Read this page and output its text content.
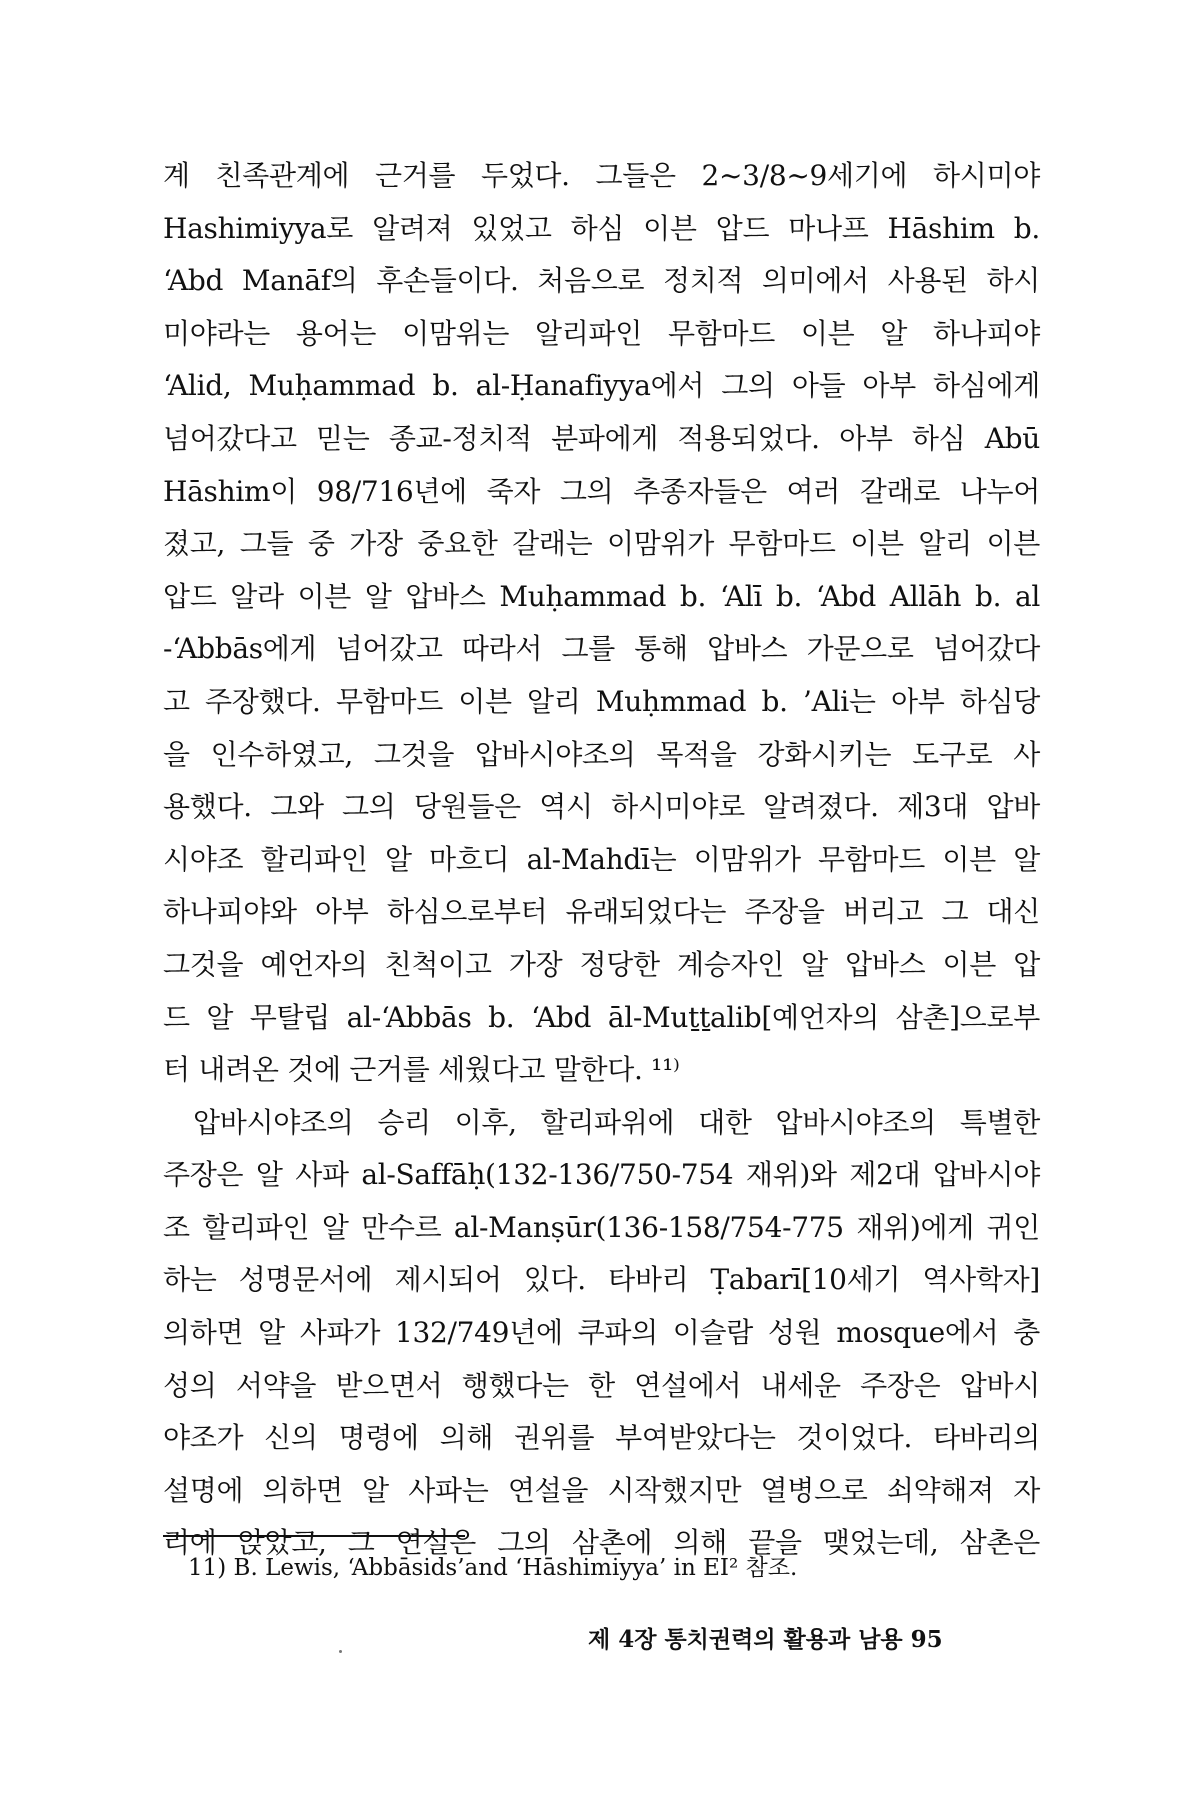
계 친족관계에 근거를 두었다. 그들은 2~3/8~9세기에 하시미야
Hashimiyya로 알려져 있었고 하심 이븐 압드 마나프 Hāshim b.
‘Abd Manāf의 후손들이다. 처음으로 정치적 의미에서 사용된 하시
미야라는 용어는 이맘위는 알리파인 무함마드 이븐 알 하나피야
‘Alid, Muḥammad b. al-Ḥanafiyya에서 그의 아들 아부 하심에게
넘어갔다고 믿는 종교-정치적 분파에게 적용되었다. 아부 하심 Abū
Hāshim이 98/716년에 죽자 그의 추종자들은 여러 갈래로 나누어
졌고, 그들 중 가장 중요한 갈래는 이맘위가 무함마드 이븐 알리 이븐
압드 알라 이븐 알 압바스 Muḥammad b. ‘Alī b. ‘Abd Allāh b. al
-‘Abbās에게 넘어갔고 따라서 그를 통해 압바스 가문으로 넘어갔다
고 주장했다. 무함마드 이븐 알리 Muḥmmad b. ’Ali는 아부 하심당
을 인수하였고, 그것을 압바시야조의 목적을 강화시키는 도구로 사
용했다. 그와 그의 당원들은 역시 하시미야로 알려졌다. 제3대 압바
시야조 할리파인 알 마흐디 al-Mahdī는 이맘위가 무함마드 이븐 알
하나피야와 아부 하심으로부터 유래되었다는 주장을 버리고 그 대신
그것을 예언자의 친척이고 가장 정당한 계승자인 알 압바스 이븐 압
드 알 무탈립 al-‘Abbās b. ‘Abd āl-Muṯṯalib[예언자의 삼촌]으로부
터 내려온 것에 근거를 세웠다고 말한다. ¹¹⁾
압바시야조의 승리 이후, 할리파위에 대한 압바시야조의 특별한
주장은 알 사파 al-Saffāḥ(132-136/750-754 재위)와 제2대 압바시야
조 할리파인 알 만수르 al-Manṣūr(136-158/754-775 재위)에게 귀인
하는 성명문서에 제시되어 있다. 타바리 Ṭabarī[10세기 역사학자]
의하면 알 사파가 132/749년에 쿠파의 이슬람 성원 mosque에서 충
성의 서약을 받으면서 행했다는 한 연설에서 내세운 주장은 압바시
야조가 신의 명령에 의해 권위를 부여받았다는 것이었다. 타바리의
설명에 의하면 알 사파는 연설을 시작했지만 열병으로 쇠약해져 자
리에 앉았고, 그 연설은 그의 삼촌에 의해 끝을 맺었는데, 삼촌은
11) B. Lewis, ‘Abbāsids’and ‘Hāshimiyya’ in EI² 참조.
제 4장 통치권력의 활용과 남용 95
